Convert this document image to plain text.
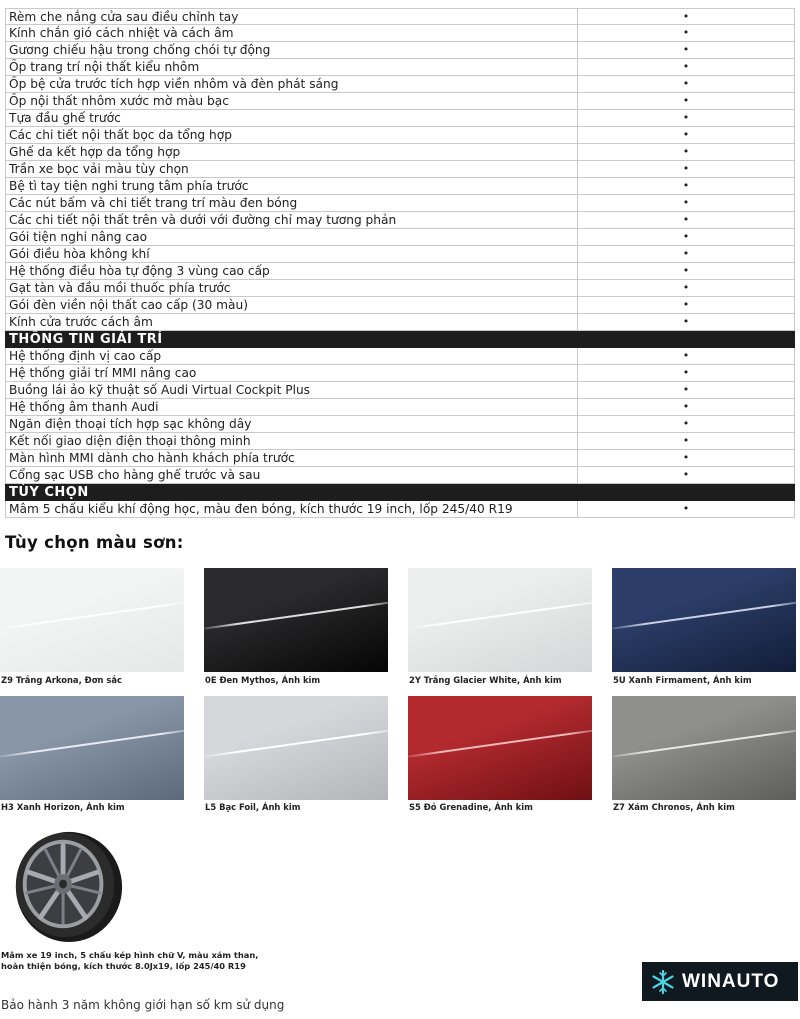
Rèm che nắng cửa sau điều chỉnh tay	•
Kính chắn gió cách nhiệt và cách âm	•
Gương chiếu hậu trong chống chói tự động	•
Ốp trang trí nội thất kiểu nhôm	•
Ốp bệ cửa trước tích hợp viền nhôm và đèn phát sáng	•
Ốp nội thất nhôm xước mờ màu bạc	•
Tựa đầu ghế trước	•
Các chi tiết nội thất bọc da tổng hợp	•
Ghế da kết hợp da tổng hợp	•
Trần xe bọc vải màu tùy chọn	•
Bệ tì tay tiện nghi trung tâm phía trước	•
Các nút bấm và chi tiết trang trí màu đen bóng	•
Các chi tiết nội thất trên và dưới với đường chỉ may tương phản	•
Gói tiện nghi nâng cao	•
Gói điều hòa không khí	•
Hệ thống điều hòa tự động 3 vùng cao cấp	•
Gạt tàn và đầu mồi thuốc phía trước	•
Gói đèn viền nội thất cao cấp (30 màu)	•
Kính cửa trước cách âm	•
THÔNG TIN GIẢI TRÍ
Hệ thống định vị cao cấp	•
Hệ thống giải trí MMI nâng cao	•
Buồng lái ảo kỹ thuật số Audi Virtual Cockpit Plus	•
Hệ thống âm thanh Audi	•
Ngăn điện thoại tích hợp sạc không dây	•
Kết nối giao diện điện thoại thông minh	•
Màn hình MMI dành cho hành khách phía trước	•
Cổng sạc USB cho hàng ghế trước và sau	•
TÙY CHỌN
Mâm 5 chấu kiểu khí động học, màu đen bóng, kích thước 19 inch, lốp 245/40 R19	•
Tùy chọn màu sơn:
Z9 Trắng Arkona, Đơn sắc	0E Đen Mythos, Ánh kim	2Y Trắng Glacier White, Ánh kim	5U Xanh Firmament, Ánh kim
H3 Xanh Horizon, Ánh kim	L5 Bạc Foil, Ánh kim	S5 Đỏ Grenadine, Ánh kim	Z7 Xám Chronos, Ánh kim
Mâm xe 19 inch, 5 chấu kép hình chữ V, màu xám than,
hoàn thiện bóng, kích thước 8.0Jx19, lốp 245/40 R19
WINAUTO
Bảo hành 3 năm không giới hạn số km sử dụng
